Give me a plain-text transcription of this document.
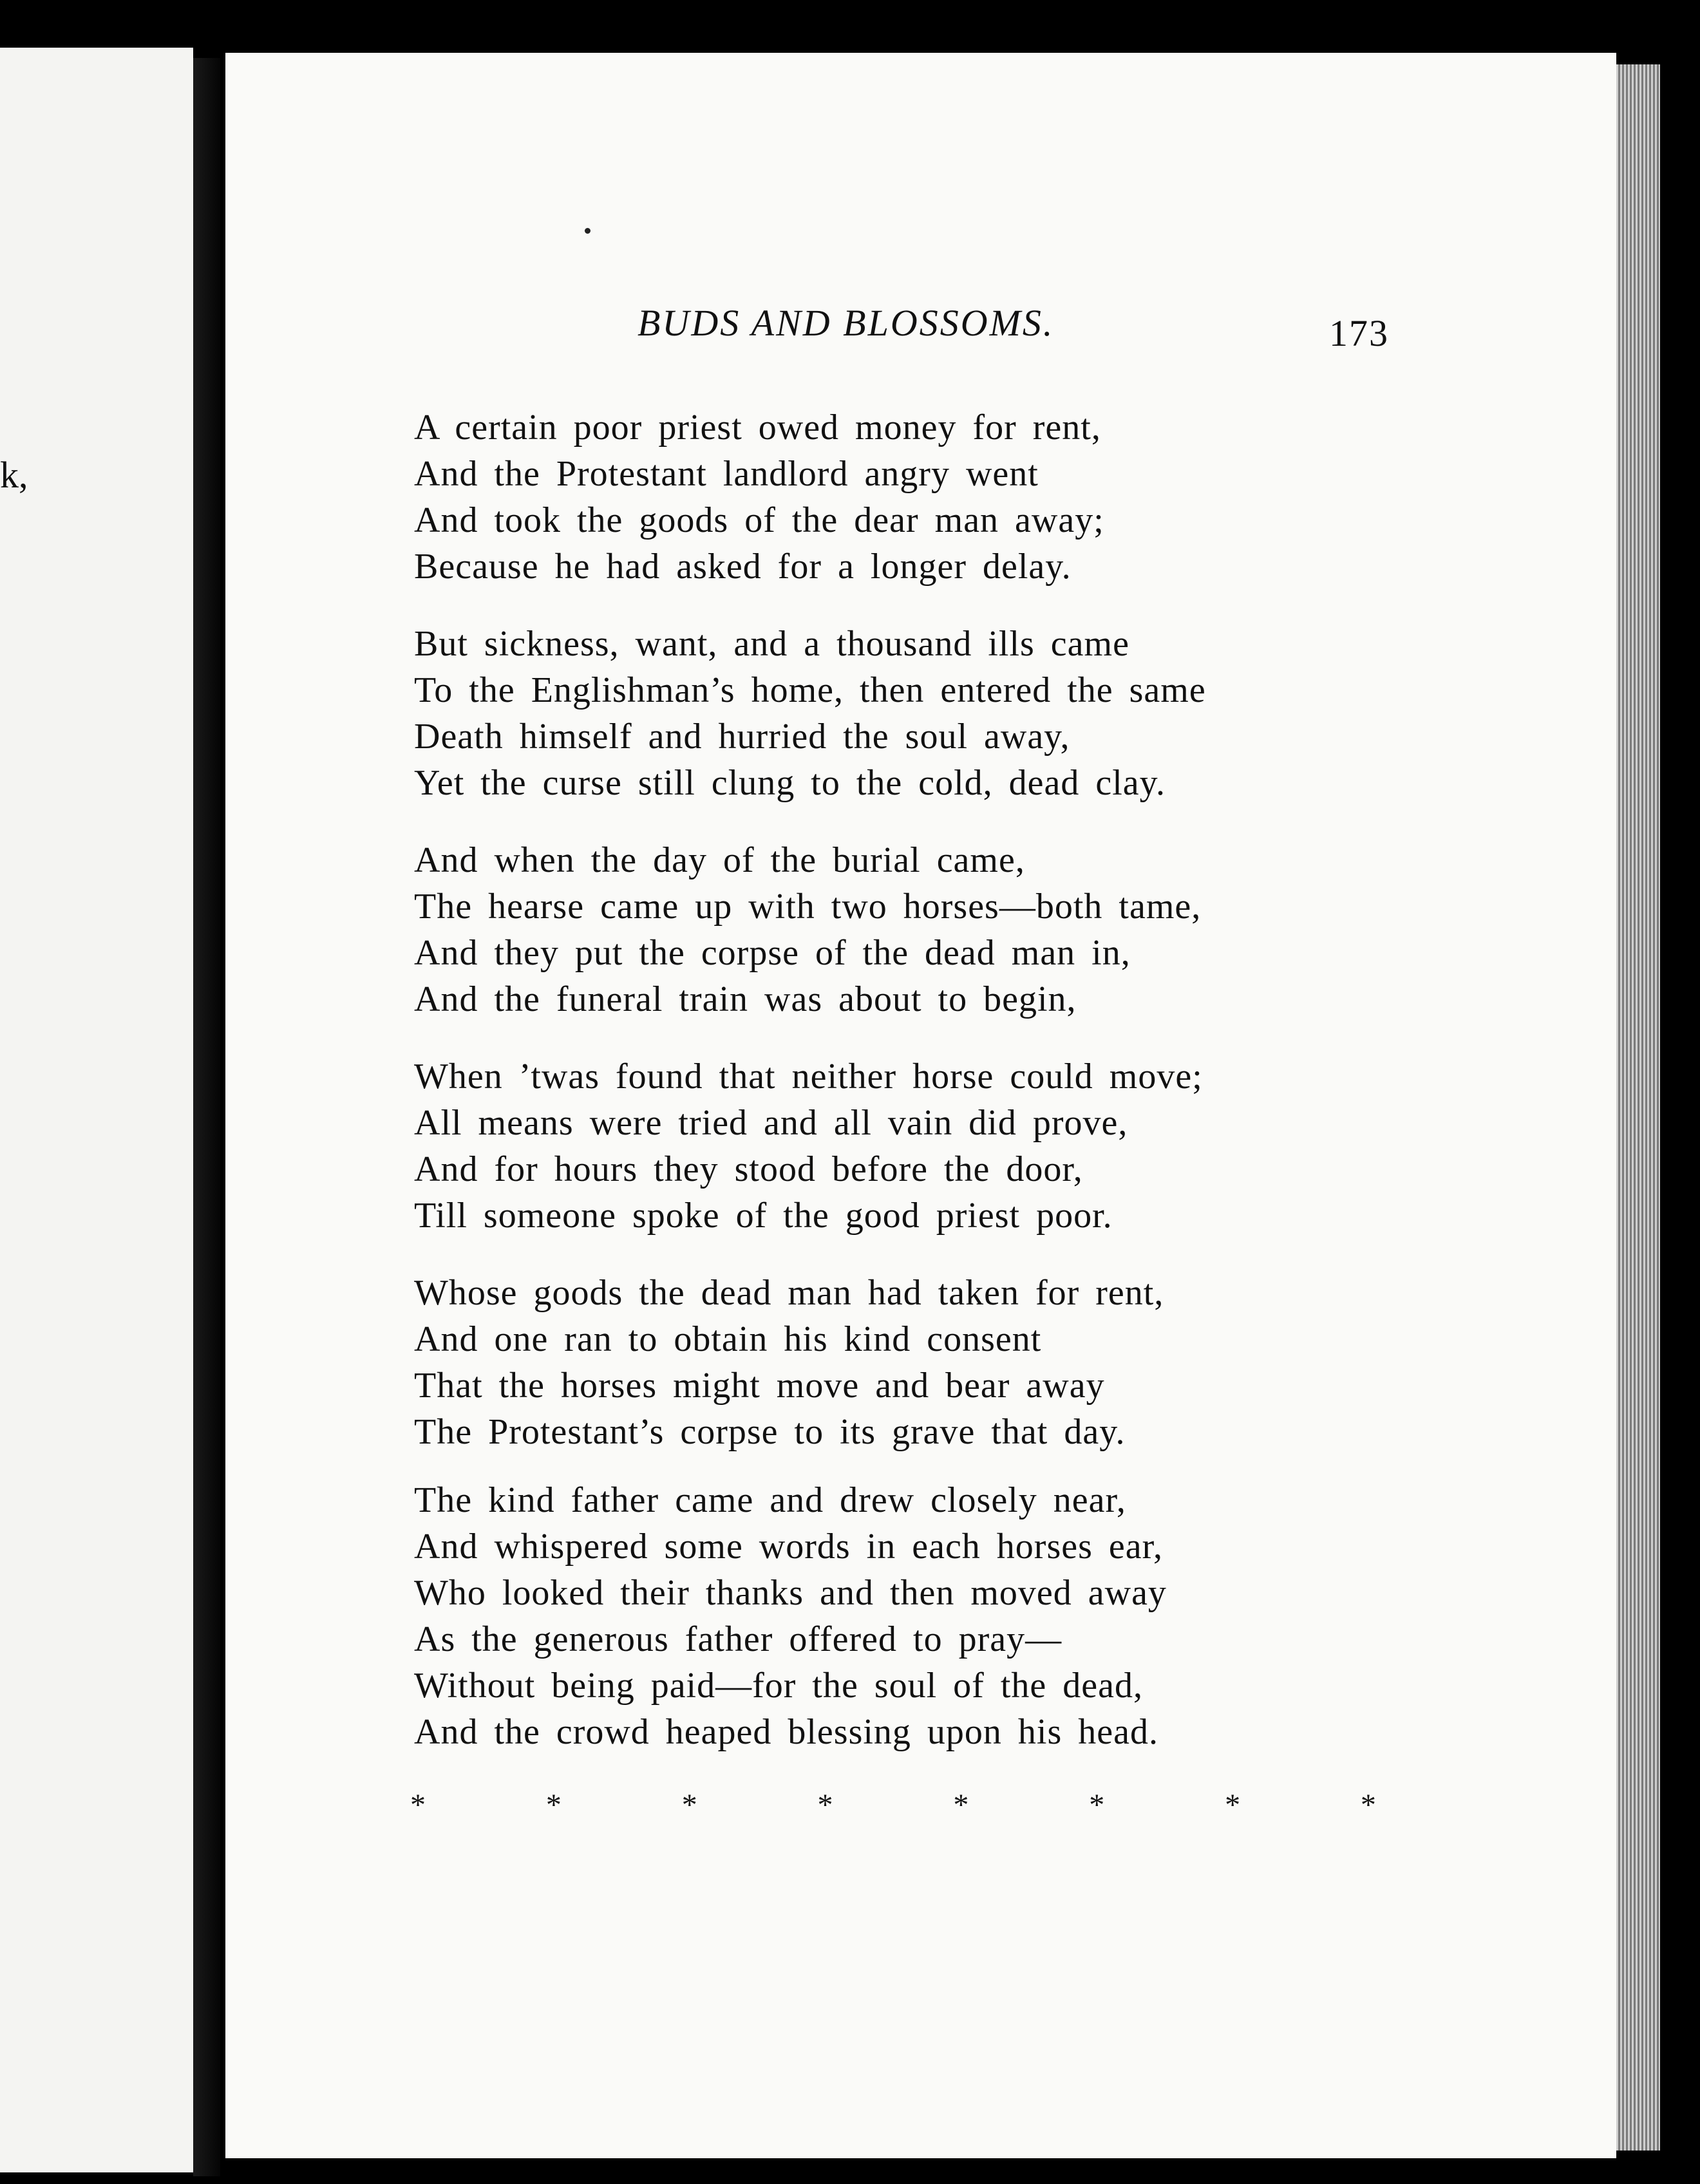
k,
BUDS AND BLOSSOMS.	173
A certain poor priest owed money for rent,
And the Protestant landlord angry went
And took the goods of the dear man away;
Because he had asked for a longer delay.
But sickness, want, and a thousand ills came
To the Englishman’s home, then entered the same
Death himself and hurried the soul away,
Yet the curse still clung to the cold, dead clay.
And when the day of the burial came,
The hearse came up with two horses—both tame,
And they put the corpse of the dead man in,
And the funeral train was about to begin,
When ’twas found that neither horse could move;
All means were tried and all vain did prove,
And for hours they stood before the door,
Till someone spoke of the good priest poor.
Whose goods the dead man had taken for rent,
And one ran to obtain his kind consent
That the horses might move and bear away
The Protestant’s corpse to its grave that day.
The kind father came and drew closely near,
And whispered some words in each horses ear,
Who looked their thanks and then moved away
As the generous father offered to pray—
Without being paid—for the soul of the dead,
And the crowd heaped blessing upon his head.
*	*	*	*	*	*	*	*
